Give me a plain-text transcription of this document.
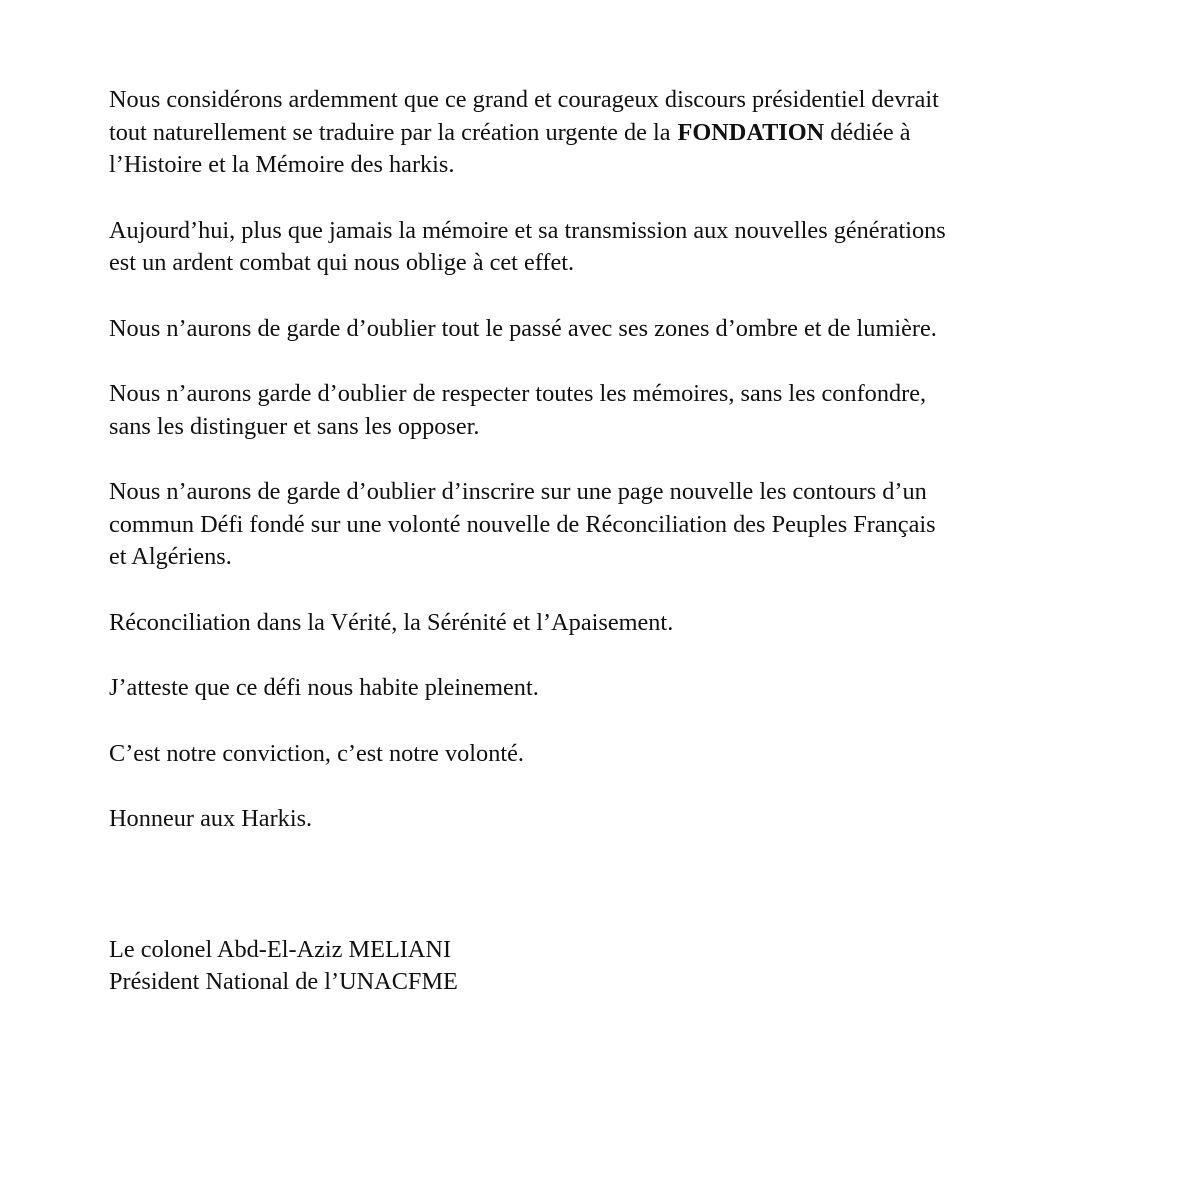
Nous considérons ardemment que ce grand et courageux discours présidentiel devrait
tout naturellement se traduire par la création urgente de la FONDATION dédiée à
l’Histoire et la Mémoire des harkis.

Aujourd’hui, plus que jamais la mémoire et sa transmission aux nouvelles générations
est un ardent combat qui nous oblige à cet effet.

Nous n’aurons de garde d’oublier tout le passé avec ses zones d’ombre et de lumière.

Nous n’aurons garde d’oublier de respecter toutes les mémoires, sans les confondre,
sans les distinguer et sans les opposer.

Nous n’aurons de garde d’oublier d’inscrire sur une page nouvelle les contours d’un
commun Défi fondé sur une volonté nouvelle de Réconciliation des Peuples Français
et Algériens.

Réconciliation dans la Vérité, la Sérénité et l’Apaisement.

J’atteste que ce défi nous habite pleinement.

C’est notre conviction, c’est notre volonté.

Honneur aux Harkis.

Le colonel Abd-El-Aziz MELIANI
Président National de l’UNACFME
